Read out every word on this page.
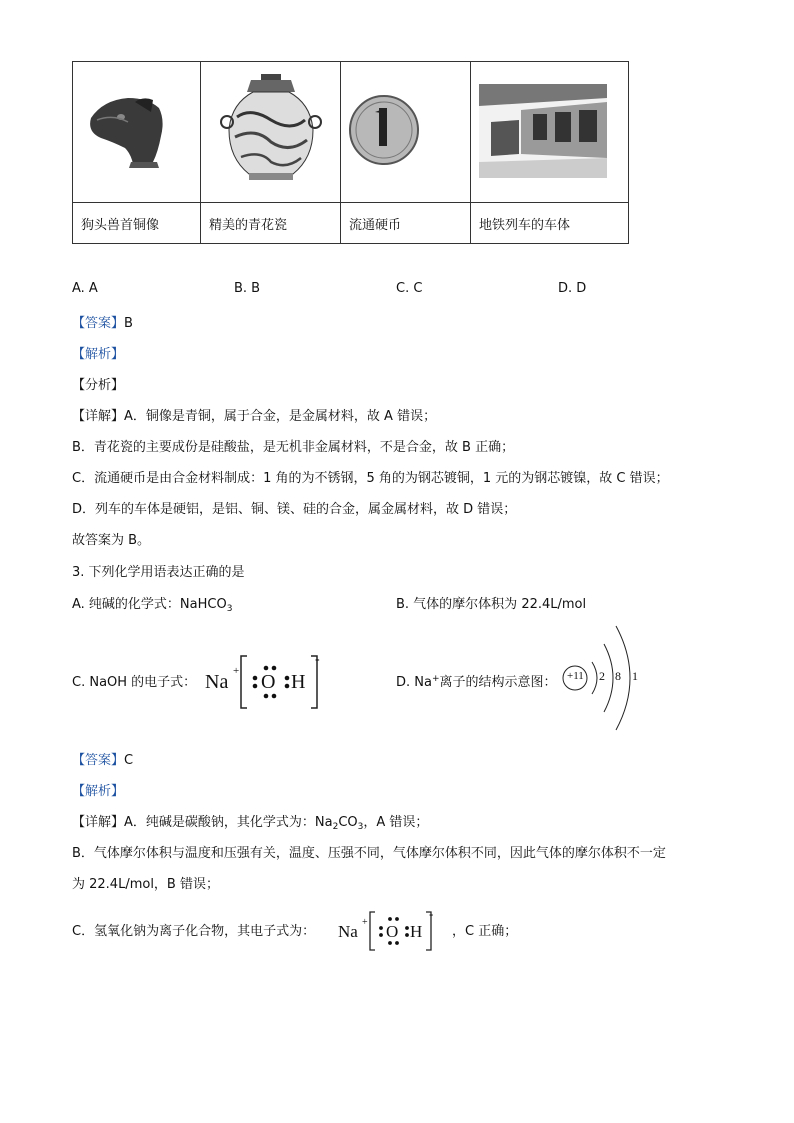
狗头兽首铜像	精美的青花瓷	流通硬币	地铁列车的车体
A. A	B. B	C. C	D. D
【答案】B
【解析】
【分析】
【详解】A．铜像是青铜，属于合金，是金属材料，故 A 错误；
B．青花瓷的主要成份是硅酸盐，是无机非金属材料，不是合金，故 B 正确；
C．流通硬币是由合金材料制成：1 角的为不锈钢，5 角的为钢芯镀铜，1 元的为钢芯镀镍，故 C 错误；
D．列车的车体是硬铝，是铝、铜、镁、硅的合金，属金属材料，故 D 错误；
故答案为 B。
3. 下列化学用语表达正确的是
A. 纯碱的化学式：NaHCO$_3$	B. 气体的摩尔体积为 22.4L/mol
C. NaOH 的电子式： Na + O H
-
D. Na+离子的结构示意图： +11 2 8 1
【答案】C
【解析】
【详解】A．纯碱是碳酸钠，其化学式为：$Na_2CO_3$，A 错误；
B．气体摩尔体积与温度和压强有关，温度、压强不同，气体摩尔体积不同，因此气体的摩尔体积不一定
为 22.4L/mol，B 错误；
C．氢氧化钠为离子化合物，其电子式为： Na + O H
-
，C 正确；
